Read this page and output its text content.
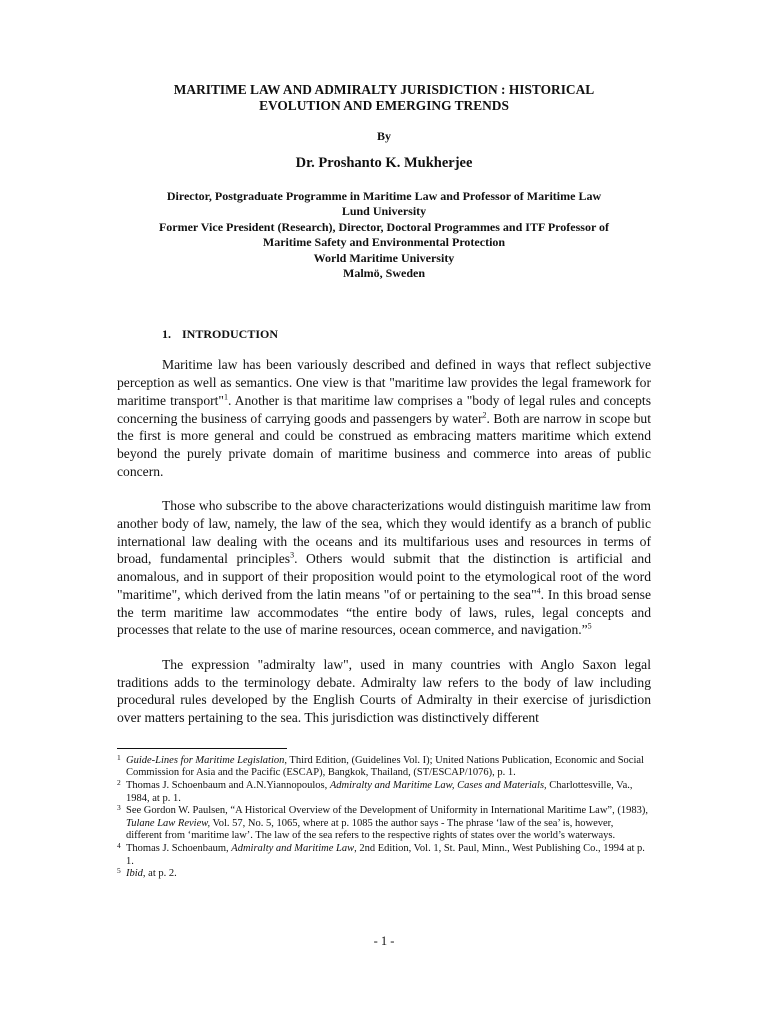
MARITIME LAW AND ADMIRALTY JURISDICTION : HISTORICAL
EVOLUTION AND EMERGING TRENDS

By

Dr. Proshanto K. Mukherjee

Director, Postgraduate Programme in Maritime Law and Professor of Maritime Law
Lund University
Former Vice President (Research), Director, Doctoral Programmes and ITF Professor of
Maritime Safety and Environmental Protection
World Maritime University
Malmö, Sweden

1. INTRODUCTION

Maritime law has been variously described and defined in ways that reflect subjective perception as well as semantics. One view is that "maritime law provides the legal framework for maritime transport"$^1$. Another is that maritime law comprises a "body of legal rules and concepts concerning the business of carrying goods and passengers by water$^2$. Both are narrow in scope but the first is more general and could be construed as embracing matters maritime which extend beyond the purely private domain of maritime business and commerce into areas of public concern.

Those who subscribe to the above characterizations would distinguish maritime law from another body of law, namely, the law of the sea, which they would identify as a branch of public international law dealing with the oceans and its multifarious uses and resources in terms of broad, fundamental principles$^3$. Others would submit that the distinction is artificial and anomalous, and in support of their proposition would point to the etymological root of the word "maritime", which derived from the latin means "of or pertaining to the sea"$^4$. In this broad sense the term maritime law accommodates “the entire body of laws, rules, legal concepts and processes that relate to the use of marine resources, ocean commerce, and navigation.”$^5$

The expression "admiralty law", used in many countries with Anglo Saxon legal traditions adds to the terminology debate. Admiralty law refers to the body of law including procedural rules developed by the English Courts of Admiralty in their exercise of jurisdiction over matters pertaining to the sea. This jurisdiction was distinctively different

1 Guide-Lines for Maritime Legislation, Third Edition, (Guidelines Vol. I); United Nations Publication, Economic and Social Commission for Asia and the Pacific (ESCAP), Bangkok, Thailand, (ST/ESCAP/1076), p. 1.

2 Thomas J. Schoenbaum and A.N.Yiannopoulos, Admiralty and Maritime Law, Cases and Materials, Charlottesville, Va., 1984, at p. 1.

3 See Gordon W. Paulsen, “A Historical Overview of the Development of Uniformity in International Maritime Law”, (1983), Tulane Law Review, Vol. 57, No. 5, 1065, where at p. 1085 the author says - The phrase ‘law of the sea’ is, however, different from ‘maritime law’. The law of the sea refers to the respective rights of states over the world’s waterways.

4 Thomas J. Schoenbaum, Admiralty and Maritime Law, 2nd Edition, Vol. 1, St. Paul, Minn., West Publishing Co., 1994 at p. 1.

5 Ibid, at p. 2.

- 1 -
